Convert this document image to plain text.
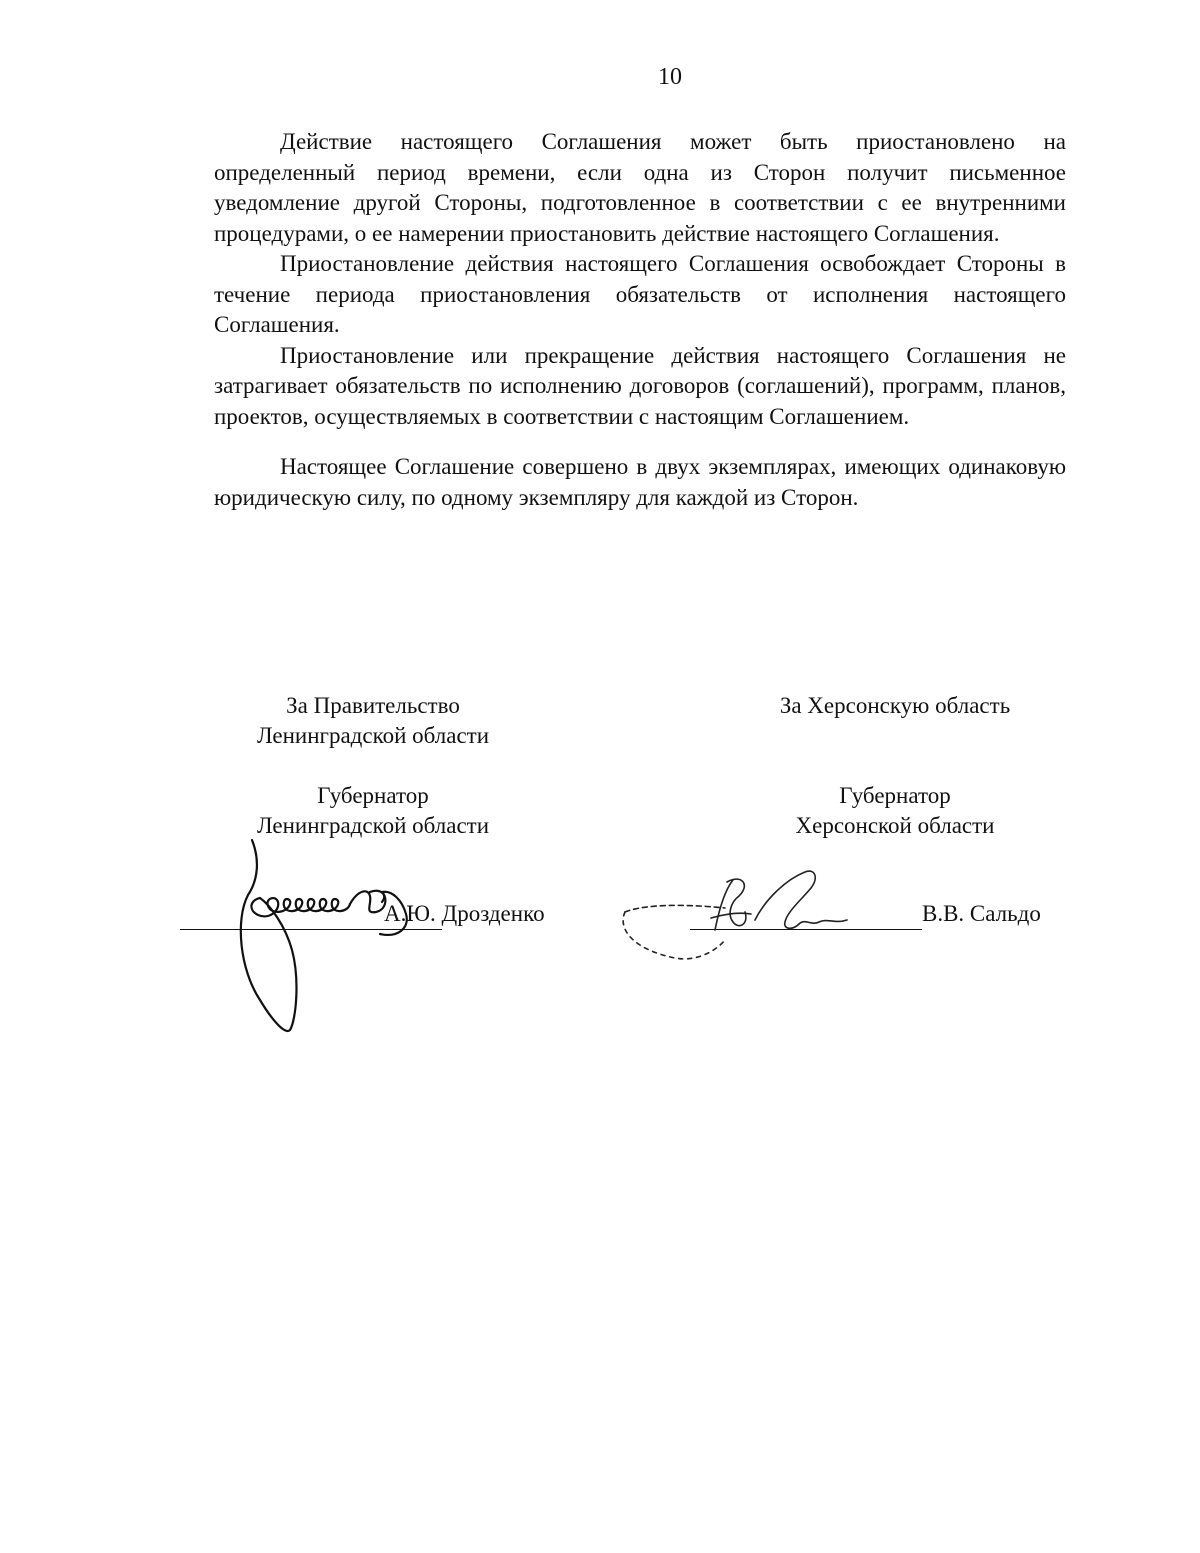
10

Действие настоящего Соглашения может быть приостановлено на определенный период времени, если одна из Сторон получит письменное уведомление другой Стороны, подготовленное в соответствии с ее внутренними процедурами, о ее намерении приостановить действие настоящего Соглашения.

Приостановление действия настоящего Соглашения освобождает Стороны в течение периода приостановления обязательств от исполнения настоящего Соглашения.

Приостановление или прекращение действия настоящего Соглашения не затрагивает обязательств по исполнению договоров (соглашений), программ, планов, проектов, осуществляемых в соответствии с настоящим Соглашением.

Настоящее Соглашение совершено в двух экземплярах, имеющих одинаковую юридическую силу, по одному экземпляру для каждой из Сторон.

За Правительство
Ленинградской области
Губернатор
Ленинградской области
А.Ю. Дрозденко
За Херсонскую область
Губернатор
Херсонской области
В.В. Сальдо
